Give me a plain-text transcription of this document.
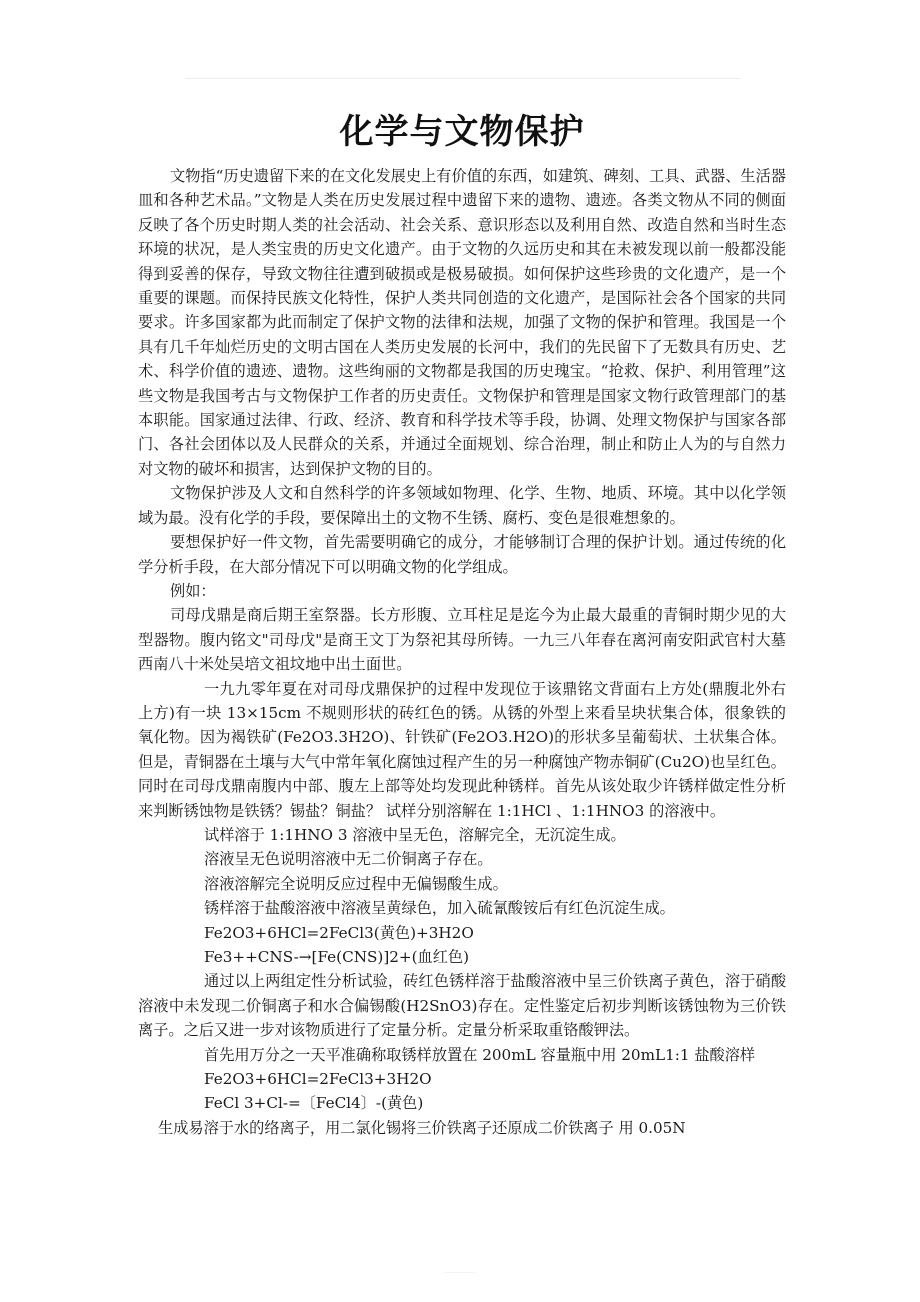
化学与文物保护

文物指“历史遗留下来的在文化发展史上有价值的东西，如建筑、碑刻、工具、武器、生活器皿和各种艺术品。”文物是人类在历史发展过程中遗留下来的遗物、遗迹。各类文物从不同的侧面反映了各个历史时期人类的社会活动、社会关系、意识形态以及利用自然、改造自然和当时生态环境的状况，是人类宝贵的历史文化遗产。由于文物的久远历史和其在未被发现以前一般都没能得到妥善的保存，导致文物往往遭到破损或是极易破损。如何保护这些珍贵的文化遗产，是一个重要的课题。而保持民族文化特性，保护人类共同创造的文化遗产，是国际社会各个国家的共同要求。许多国家都为此而制定了保护文物的法律和法规，加强了文物的保护和管理。我国是一个具有几千年灿烂历史的文明古国在人类历史发展的长河中，我们的先民留下了无数具有历史、艺术、科学价值的遗迹、遗物。这些绚丽的文物都是我国的历史瑰宝。“抢救、保护、利用管理”这些文物是我国考古与文物保护工作者的历史责任。文物保护和管理是国家文物行政管理部门的基本职能。国家通过法律、行政、经济、教育和科学技术等手段，协调、处理文物保护与国家各部门、各社会团体以及人民群众的关系，并通过全面规划、综合治理，制止和防止人为的与自然力对文物的破坏和损害，达到保护文物的目的。

文物保护涉及人文和自然科学的许多领域如物理、化学、生物、地质、环境。其中以化学领域为最。没有化学的手段，要保障出土的文物不生锈、腐朽、变色是很难想象的。

要想保护好一件文物，首先需要明确它的成分，才能够制订合理的保护计划。通过传统的化学分析手段，在大部分情况下可以明确文物的化学组成。

例如：

司母戊鼎是商后期王室祭器。长方形腹、立耳柱足是迄今为止最大最重的青铜时期少见的大型器物。腹内铭文"司母戊"是商王文丁为祭祀其母所铸。一九三八年春在离河南安阳武官村大墓西南八十米处吴培文祖坟地中出土面世。

一九九零年夏在对司母戊鼎保护的过程中发现位于该鼎铭文背面右上方处(鼎腹北外右上方)有一块 13×15cm 不规则形状的砖红色的锈。从锈的外型上来看呈块状集合体，很象铁的氧化物。因为褐铁矿(Fe2O3.3H2O)、针铁矿(Fe2O3.H2O)的形状多呈葡萄状、土状集合体。但是，青铜器在土壤与大气中常年氧化腐蚀过程产生的另一种腐蚀产物赤铜矿(Cu2O)也呈红色。同时在司母戊鼎南腹内中部、腹左上部等处均发现此种锈样。首先从该处取少许锈样做定性分析来判断锈蚀物是铁锈？锡盐？铜盐？ 试样分别溶解在 1:1HCl 、1:1HNO3 的溶液中。

试样溶于 1:1HNO 3 溶液中呈无色，溶解完全，无沉淀生成。

溶液呈无色说明溶液中无二价铜离子存在。

溶液溶解完全说明反应过程中无偏锡酸生成。

锈样溶于盐酸溶液中溶液呈黄绿色，加入硫氰酸铵后有红色沉淀生成。

Fe2O3+6HCl=2FeCl3(黄色)+3H2O

Fe3++CNS-→[Fe(CNS)]2+(血红色)

通过以上两组定性分析试验，砖红色锈样溶于盐酸溶液中呈三价铁离子黄色，溶于硝酸溶液中未发现二价铜离子和水合偏锡酸(H2SnO3)存在。定性鉴定后初步判断该锈蚀物为三价铁离子。之后又进一步对该物质进行了定量分析。定量分析采取重铬酸钾法。

首先用万分之一天平准确称取锈样放置在 200mL 容量瓶中用 20mL1:1 盐酸溶样

Fe2O3+6HCl=2FeCl3+3H2O

FeCl 3+Cl-=〔FeCl4〕-(黄色)

生成易溶于水的络离子，用二氯化锡将三价铁离子还原成二价铁离子 用 0.05N
